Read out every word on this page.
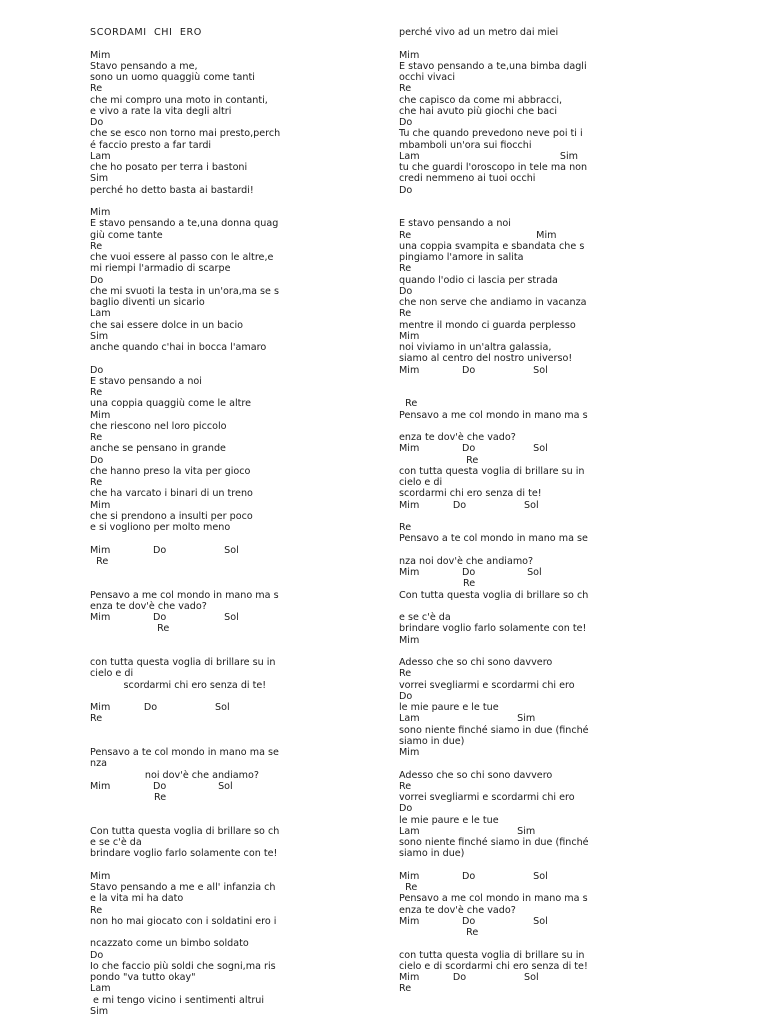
SCORDAMI  CHI  ERO
Mim
Stavo pensando a me,
sono un uomo quaggiù come tanti
Re
che mi compro una moto in contanti,
e vivo a rate la vita degli altri
Do
che se esco non torno mai presto,perch
é faccio presto a far tardi
Lam
che ho posato per terra i bastoni
Sim
perché ho detto basta ai bastardi!
Mim
E stavo pensando a te,una donna quag
giù come tante
Re
che vuoi essere al passo con le altre,e
mi riempi l'armadio di scarpe
Do
che mi svuoti la testa in un'ora,ma se s
baglio diventi un sicario
Lam
che sai essere dolce in un bacio
Sim
anche quando c'hai in bocca l'amaro
Do
E stavo pensando a noi
Re
una coppia quaggiù come le altre
Mim
che riescono nel loro piccolo
Re
anche se pensano in grande
Do
che hanno preso la vita per gioco
Re
che ha varcato i binari di un treno
Mim
che si prendono a insulti per poco
e si vogliono per molto meno
Mim              Do                   Sol
Re
Pensavo a me col mondo in mano ma s
enza te dov'è che vado?
Mim              Do                   Sol
Re
con tutta questa voglia di brillare su in
cielo e di
scordarmi chi ero senza di te!
Mim           Do                   Sol
Re
Pensavo a te col mondo in mano ma se
nza
noi dov'è che andiamo?
Mim              Do                 Sol
Re
Con tutta questa voglia di brillare so ch
e se c'è da
brindare voglio farlo solamente con te!
Mim
Stavo pensando a me e all' infanzia ch
e la vita mi ha dato
Re
non ho mai giocato con i soldatini ero i
ncazzato come un bimbo soldato
Do
Io che faccio più soldi che sogni,ma ris
pondo "va tutto okay"
Lam
e mi tengo vicino i sentimenti altrui
Sim
perché vivo ad un metro dai miei
Mim
E stavo pensando a te,una bimba dagli
occhi vivaci
Re
che capisco da come mi abbracci,
che hai avuto più giochi che baci
Do
Tu che quando prevedono neve poi ti i
mbamboli un'ora sui fiocchi
Lam                                              Sim
tu che guardi l'oroscopo in tele ma non
credi nemmeno ai tuoi occhi
Do
E stavo pensando a noi
Re                                         Mim
una coppia svampita e sbandata che s
pingiamo l'amore in salita
Re
quando l'odio ci lascia per strada
Do
che non serve che andiamo in vacanza
Re
mentre il mondo ci guarda perplesso
Mim
noi viviamo in un'altra galassia,
siamo al centro del nostro universo!
Mim              Do                   Sol
Re
Pensavo a me col mondo in mano ma s
enza te dov'è che vado?
Mim              Do                   Sol
Re
con tutta questa voglia di brillare su in
cielo e di
scordarmi chi ero senza di te!
Mim           Do                   Sol
Re
Pensavo a te col mondo in mano ma se
nza noi dov'è che andiamo?
Mim              Do                 Sol
Re
Con tutta questa voglia di brillare so ch
e se c'è da
brindare voglio farlo solamente con te!
Mim
Adesso che so chi sono davvero
Re
vorrei svegliarmi e scordarmi chi ero
Do
le mie paure e le tue
Lam                                Sim
sono niente finché siamo in due (finché
siamo in due)
Mim
Adesso che so chi sono davvero
Re
vorrei svegliarmi e scordarmi chi ero
Do
le mie paure e le tue
Lam                                Sim
sono niente finché siamo in due (finché
siamo in due)
Mim              Do                   Sol
Re
Pensavo a me col mondo in mano ma s
enza te dov'è che vado?
Mim              Do                   Sol
Re
con tutta questa voglia di brillare su in
cielo e di scordarmi chi ero senza di te!
Mim           Do                   Sol
Re
